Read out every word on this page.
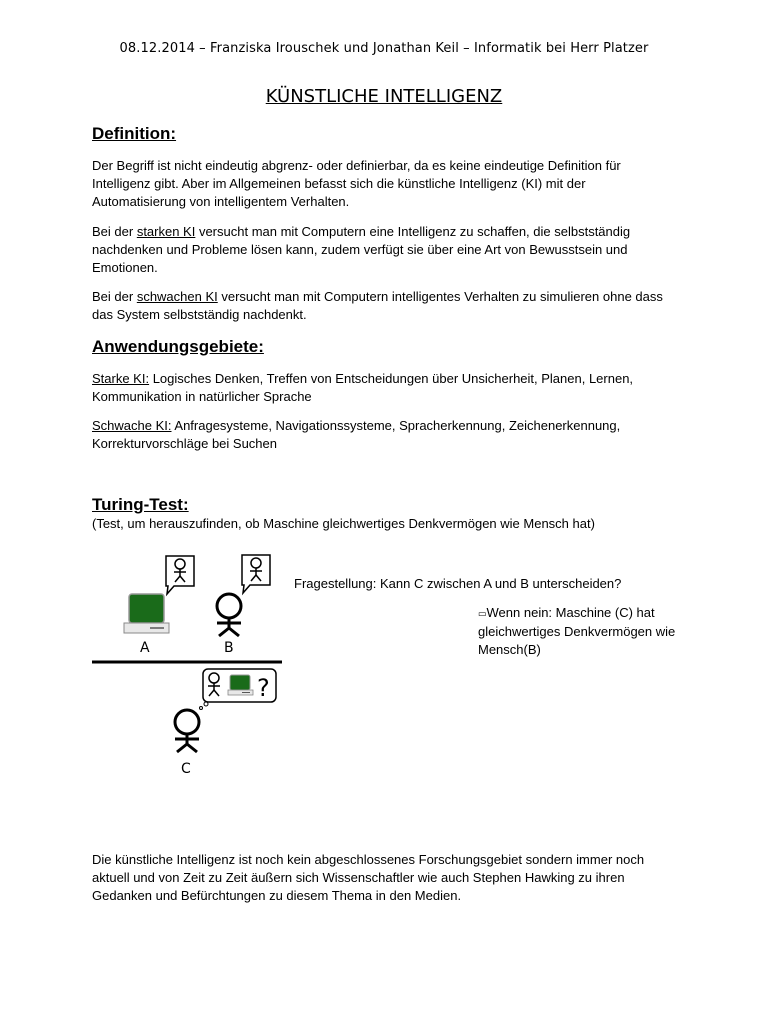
08.12.2014 – Franziska Irouschek und Jonathan Keil – Informatik bei Herr Platzer
KÜNSTLICHE INTELLIGENZ
Definition:

Der Begriff ist nicht eindeutig abgrenz- oder definierbar, da es keine eindeutige Definition für Intelligenz gibt. Aber im Allgemeinen befasst sich die künstliche Intelligenz (KI) mit der Automatisierung von intelligentem Verhalten.

Bei der starken KI versucht man mit Computern eine Intelligenz zu schaffen, die selbstständig nachdenken und Probleme lösen kann, zudem verfügt sie über eine Art von Bewusstsein und Emotionen.

Bei der schwachen KI versucht man mit Computern intelligentes Verhalten zu simulieren ohne dass das System selbstständig nachdenkt.

Anwendungsgebiete:

Starke KI: Logisches Denken, Treffen von Entscheidungen über Unsicherheit, Planen, Lernen, Kommunikation in natürlicher Sprache

Schwache KI: Anfragesysteme, Navigationssysteme, Spracherkennung, Zeichenerkennung, Korrekturvorschläge bei Suchen

Turing-Test:
(Test, um herauszufinden, ob Maschine gleichwertiges Denkvermögen wie Mensch hat)
A	B
?
C
Fragestellung: Kann C zwischen A und B unterscheiden?
▭Wenn nein: Maschine (C) hat gleichwertiges Denkvermögen wie Mensch(B)

Die künstliche Intelligenz ist noch kein abgeschlossenes Forschungsgebiet sondern immer noch aktuell und von Zeit zu Zeit äußern sich Wissenschaftler wie auch Stephen Hawking zu ihren Gedanken und Befürchtungen zu diesem Thema in den Medien.
